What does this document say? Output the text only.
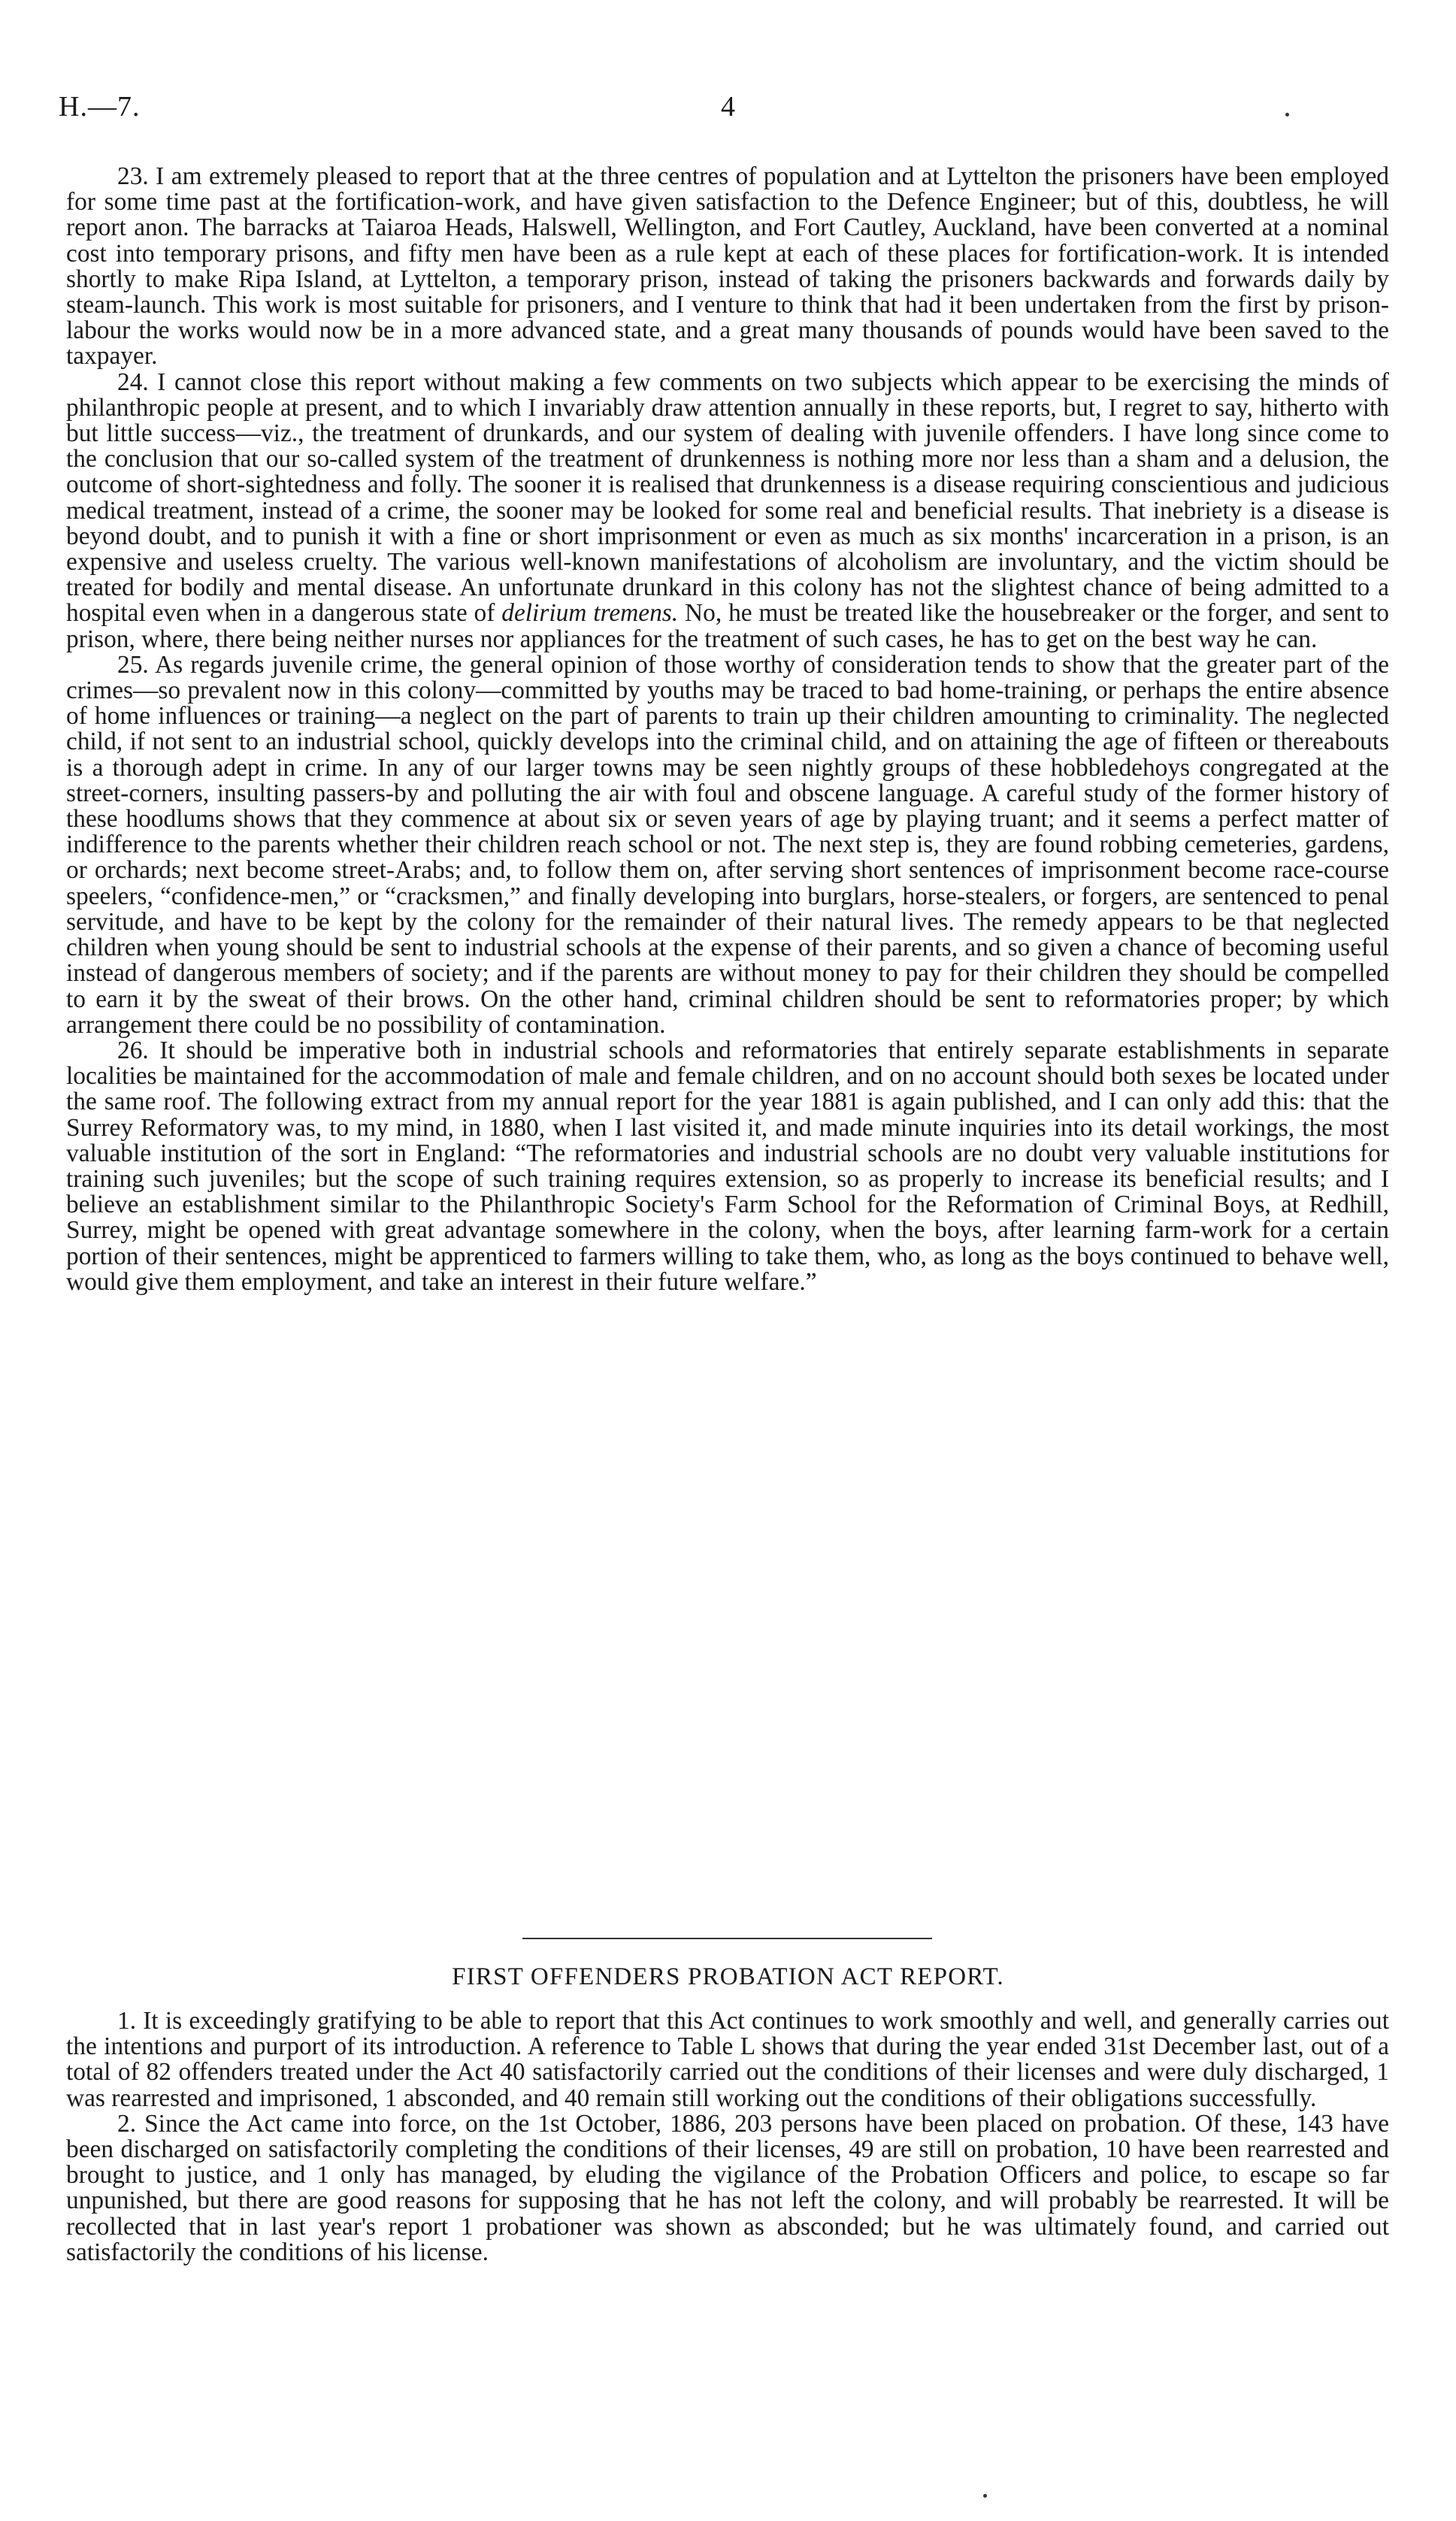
H.—7.	4

23. I am extremely pleased to report that at the three centres of population and at Lyttelton the prisoners have been employed for some time past at the fortification-work, and have given satisfaction to the Defence Engineer; but of this, doubtless, he will report anon. The barracks at Taiaroa Heads, Halswell, Wellington, and Fort Cautley, Auckland, have been converted at a nominal cost into temporary prisons, and fifty men have been as a rule kept at each of these places for fortification-work. It is intended shortly to make Ripa Island, at Lyttelton, a temporary prison, instead of taking the prisoners backwards and forwards daily by steam-launch. This work is most suitable for prisoners, and I venture to think that had it been undertaken from the first by prison-labour the works would now be in a more advanced state, and a great many thousands of pounds would have been saved to the taxpayer.

24. I cannot close this report without making a few comments on two subjects which appear to be exercising the minds of philanthropic people at present, and to which I invariably draw attention annually in these reports, but, I regret to say, hitherto with but little success—viz., the treatment of drunkards, and our system of dealing with juvenile offenders. I have long since come to the conclusion that our so-called system of the treatment of drunkenness is nothing more nor less than a sham and a delusion, the outcome of short-sightedness and folly. The sooner it is realised that drunkenness is a disease requiring conscientious and judicious medical treatment, instead of a crime, the sooner may be looked for some real and beneficial results. That inebriety is a disease is beyond doubt, and to punish it with a fine or short imprisonment or even as much as six months' incarceration in a prison, is an expensive and useless cruelty. The various well-known manifestations of alcoholism are involuntary, and the victim should be treated for bodily and mental disease. An unfortunate drunkard in this colony has not the slightest chance of being admitted to a hospital even when in a dangerous state of delirium tremens. No, he must be treated like the housebreaker or the forger, and sent to prison, where, there being neither nurses nor appliances for the treatment of such cases, he has to get on the best way he can.

25. As regards juvenile crime, the general opinion of those worthy of consideration tends to show that the greater part of the crimes—so prevalent now in this colony—committed by youths may be traced to bad home-training, or perhaps the entire absence of home influences or training—a neglect on the part of parents to train up their children amounting to criminality. The neglected child, if not sent to an industrial school, quickly develops into the criminal child, and on attaining the age of fifteen or thereabouts is a thorough adept in crime. In any of our larger towns may be seen nightly groups of these hobbledehoys congregated at the street-corners, insulting passers-by and polluting the air with foul and obscene language. A careful study of the former history of these hoodlums shows that they commence at about six or seven years of age by playing truant; and it seems a perfect matter of indifference to the parents whether their children reach school or not. The next step is, they are found robbing cemeteries, gardens, or orchards; next become street-Arabs; and, to follow them on, after serving short sentences of imprisonment become race-course speelers, “confidence-men,” or “cracksmen,” and finally developing into burglars, horse-stealers, or forgers, are sentenced to penal servitude, and have to be kept by the colony for the remainder of their natural lives. The remedy appears to be that neglected children when young should be sent to industrial schools at the expense of their parents, and so given a chance of becoming useful instead of dangerous members of society; and if the parents are without money to pay for their children they should be compelled to earn it by the sweat of their brows. On the other hand, criminal children should be sent to reformatories proper; by which arrangement there could be no possibility of contamination.

26. It should be imperative both in industrial schools and reformatories that entirely separate establishments in separate localities be maintained for the accommodation of male and female children, and on no account should both sexes be located under the same roof. The following extract from my annual report for the year 1881 is again published, and I can only add this: that the Surrey Reformatory was, to my mind, in 1880, when I last visited it, and made minute inquiries into its detail workings, the most valuable institution of the sort in England: “The reformatories and industrial schools are no doubt very valuable institutions for training such juveniles; but the scope of such training requires extension, so as properly to increase its beneficial results; and I believe an establishment similar to the Philanthropic Society's Farm School for the Reformation of Criminal Boys, at Redhill, Surrey, might be opened with great advantage somewhere in the colony, when the boys, after learning farm-work for a certain portion of their sentences, might be apprenticed to farmers willing to take them, who, as long as the boys continued to behave well, would give them employment, and take an interest in their future welfare.”

FIRST OFFENDERS PROBATION ACT REPORT.

1. It is exceedingly gratifying to be able to report that this Act continues to work smoothly and well, and generally carries out the intentions and purport of its introduction. A reference to Table L shows that during the year ended 31st December last, out of a total of 82 offenders treated under the Act 40 satisfactorily carried out the conditions of their licenses and were duly discharged, 1 was rearrested and imprisoned, 1 absconded, and 40 remain still working out the conditions of their obligations successfully.

2. Since the Act came into force, on the 1st October, 1886, 203 persons have been placed on probation. Of these, 143 have been discharged on satisfactorily completing the conditions of their licenses, 49 are still on probation, 10 have been rearrested and brought to justice, and 1 only has managed, by eluding the vigilance of the Probation Officers and police, to escape so far unpunished, but there are good reasons for supposing that he has not left the colony, and will probably be rearrested. It will be recollected that in last year's report 1 probationer was shown as absconded; but he was ultimately found, and carried out satisfactorily the conditions of his license.
